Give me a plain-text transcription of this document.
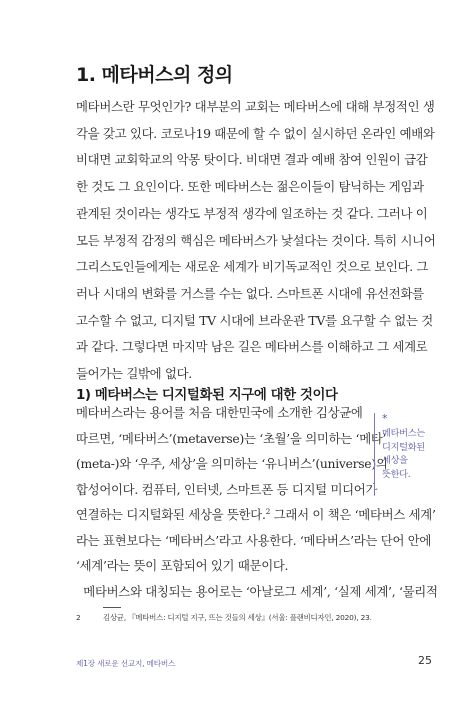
1. 메타버스의 정의
메타버스란 무엇인가? 대부분의 교회는 메타버스에 대해 부정적인 생
각을 갖고 있다. 코로나19 때문에 할 수 없이 실시하던 온라인 예배와
비대면 교회학교의 악몽 탓이다. 비대면 결과 예배 참여 인원이 급감
한 것도 그 요인이다. 또한 메타버스는 젊은이들이 탐닉하는 게임과
관계된 것이라는 생각도 부정적 생각에 일조하는 것 같다. 그러나 이
모든 부정적 감정의 핵심은 메타버스가 낯설다는 것이다. 특히 시니어
그리스도인들에게는 새로운 세계가 비기독교적인 것으로 보인다. 그
러나 시대의 변화를 거스를 수는 없다. 스마트폰 시대에 유선전화를
고수할 수 없고, 디지털 TV 시대에 브라운관 TV를 요구할 수 없는 것
과 같다. 그렇다면 마지막 남은 길은 메타버스를 이해하고 그 세계로
들어가는 길밖에 없다.
1) 메타버스는 디지털화된 지구에 대한 것이다
메타버스라는 용어를 처음 대한민국에 소개한 김상균에
따르면, ‘메타버스’(metaverse)는 ‘초월’을 의미하는 ‘메타’
(meta-)와 ‘우주, 세상’을 의미하는 ‘유니버스’(universe)의
합성어이다. 컴퓨터, 인터넷, 스마트폰 등 디지털 미디어가
*
메타버스는
디지털화된
세상을
뜻한다.
연결하는 디지털화된 세상을 뜻한다.$^2$ 그래서 이 책은 ‘메타버스 세계’
라는 표현보다는 ‘메타버스’라고 사용한다. ‘메타버스’라는 단어 안에
‘세계’라는 뜻이 포함되어 있기 때문이다.
메타버스와 대칭되는 용어로는 ‘아날로그 세계’, ‘실제 세계’, ‘물리적
2	김상균, 『메타버스: 디지털 지구, 뜨는 것들의 세상』(서울: 플랜비디자인, 2020), 23.
제1장 새로운 선교지, 메타버스	25
